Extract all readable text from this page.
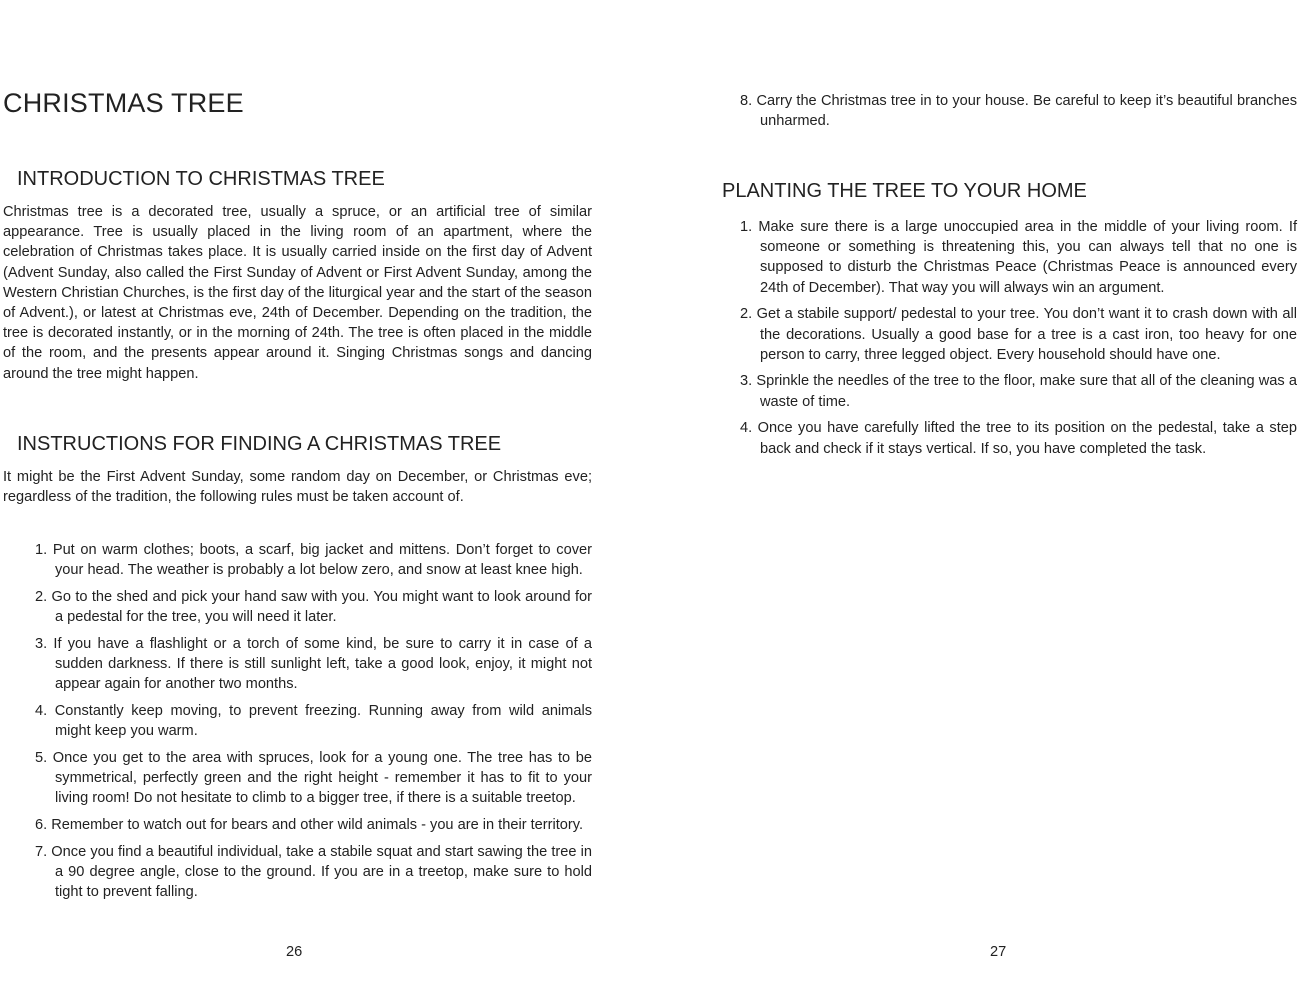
CHRISTMAS TREE
INTRODUCTION TO CHRISTMAS TREE

Christmas tree is a decorated tree, usually a spruce, or an artificial tree of similar appearance. Tree is usually placed in the living room of an apartment, where the celebration of Christmas takes place. It is usually carried inside on the first day of Advent (Advent Sunday, also called the First Sunday of Advent or First Advent Sunday, among the Western Christian Churches, is the first day of the liturgical year and the start of the season of Advent.), or latest at Christmas eve, 24th of December. Depending on the tradition, the tree is decorated instantly, or in the morning of 24th. The tree is often placed in the middle of the room, and the presents appear around it. Singing Christmas songs and dancing around the tree might happen.

INSTRUCTIONS FOR FINDING A CHRISTMAS TREE

It might be the First Advent Sunday, some random day on December, or Christmas eve; regardless of the tradition, the following rules must be taken account of.

1. Put on warm clothes; boots, a scarf, big jacket and mittens. Don’t forget to cover your head. The weather is probably a lot below zero, and snow at least knee high.
2. Go to the shed and pick your hand saw with you. You might want to look around for a pedestal for the tree, you will need it later.
3. If you have a flashlight or a torch of some kind, be sure to carry it in case of a sudden darkness. If there is still sunlight left, take a good look, enjoy, it might not appear again for another two months.
4. Constantly keep moving, to prevent freezing. Running away from wild animals might keep you warm.
5. Once you get to the area with spruces, look for a young one. The tree has to be symmetrical, perfectly green and the right height - remember it has to fit to your living room! Do not hesitate to climb to a bigger tree, if there is a suitable treetop.
6. Remember to watch out for bears and other wild animals - you are in their territory.
7. Once you find a beautiful individual, take a stabile squat and start sawing the tree in a 90 degree angle, close to the ground. If you are in a treetop, make sure to hold tight to prevent falling.
26
8. Carry the Christmas tree in to your house. Be careful to keep it’s beautiful branches unharmed.
PLANTING THE TREE TO YOUR HOME
1. Make sure there is a large unoccupied area in the middle of your living room. If someone or something is threatening this, you can always tell that no one is supposed to disturb the Christmas Peace (Christmas Peace is announced every 24th of December). That way you will always win an argument.
2. Get a stabile support/ pedestal to your tree. You don’t want it to crash down with all the decorations. Usually a good base for a tree is a cast iron, too heavy for one person to carry, three legged object. Every household should have one.
3. Sprinkle the needles of the tree to the floor, make sure that all of the cleaning was a waste of time.
4. Once you have carefully lifted the tree to its position on the pedestal, take a step back and check if it stays vertical. If so, you have completed the task.
27
